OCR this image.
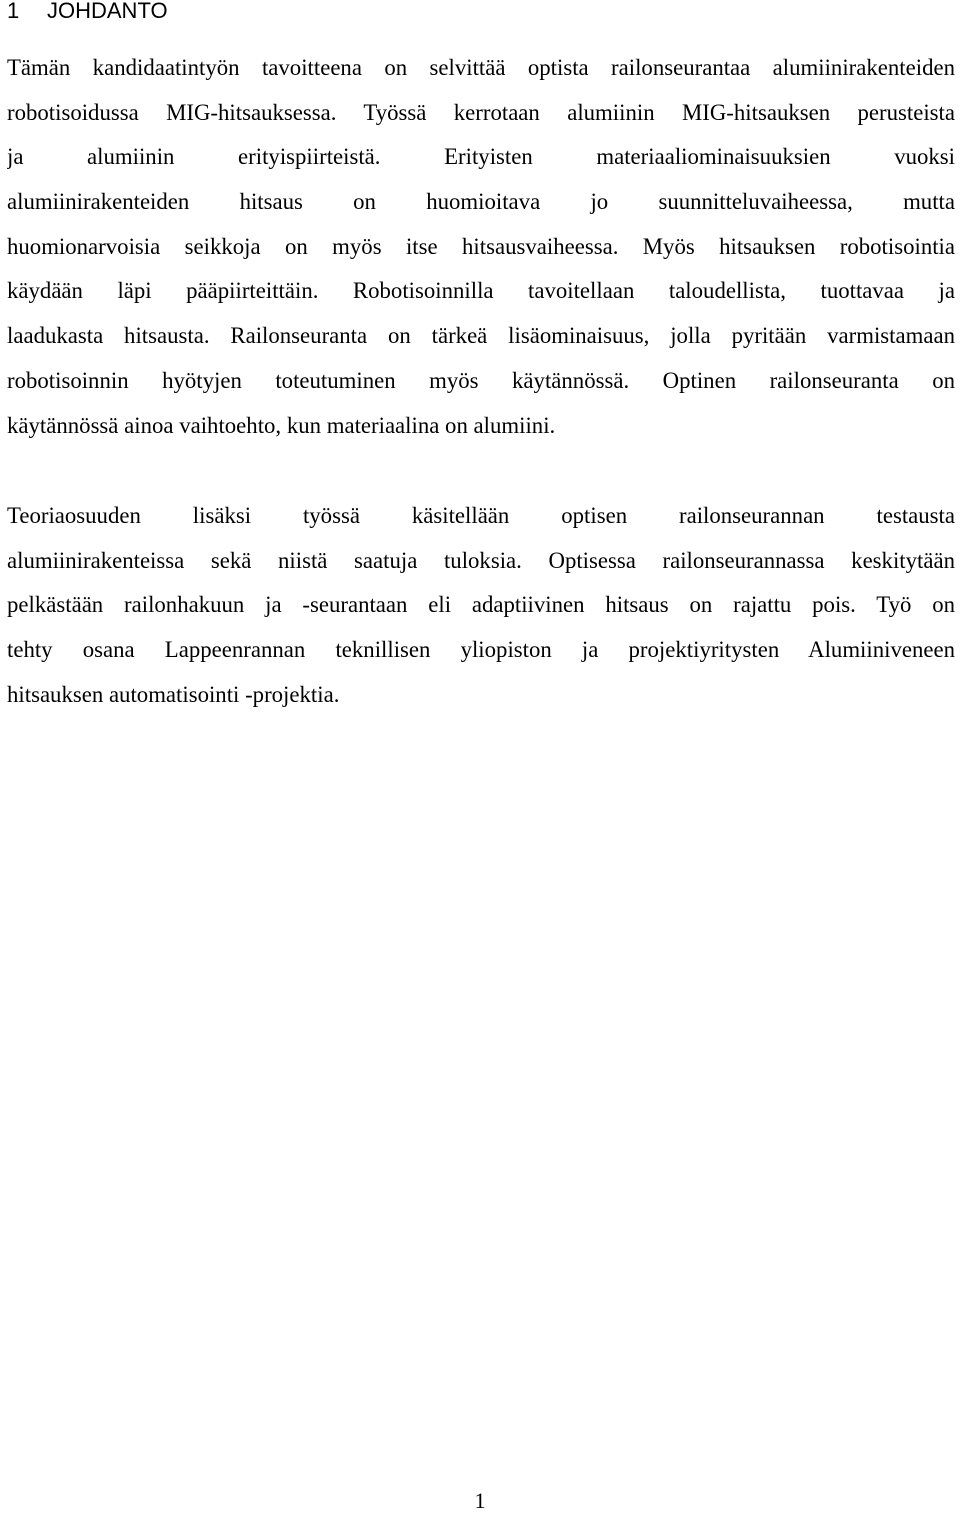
1 JOHDANTO
Tämän kandidaatintyön tavoitteena on selvittää optista railonseurantaa alumiinirakenteiden
robotisoidussa MIG-hitsauksessa. Työssä kerrotaan alumiinin MIG-hitsauksen perusteista
ja alumiinin erityispiirteistä. Erityisten materiaaliominaisuuksien vuoksi
alumiinirakenteiden hitsaus on huomioitava jo suunnitteluvaiheessa, mutta
huomionarvoisia seikkoja on myös itse hitsausvaiheessa. Myös hitsauksen robotisointia
käydään läpi pääpiirteittäin. Robotisoinnilla tavoitellaan taloudellista, tuottavaa ja
laadukasta hitsausta. Railonseuranta on tärkeä lisäominaisuus, jolla pyritään varmistamaan
robotisoinnin hyötyjen toteutuminen myös käytännössä. Optinen railonseuranta on
käytännössä ainoa vaihtoehto, kun materiaalina on alumiini.
Teoriaosuuden lisäksi työssä käsitellään optisen railonseurannan testausta
alumiinirakenteissa sekä niistä saatuja tuloksia. Optisessa railonseurannassa keskitytään
pelkästään railonhakuun ja -seurantaan eli adaptiivinen hitsaus on rajattu pois. Työ on
tehty osana Lappeenrannan teknillisen yliopiston ja projektiyritysten Alumiiniveneen
hitsauksen automatisointi -projektia.
1
